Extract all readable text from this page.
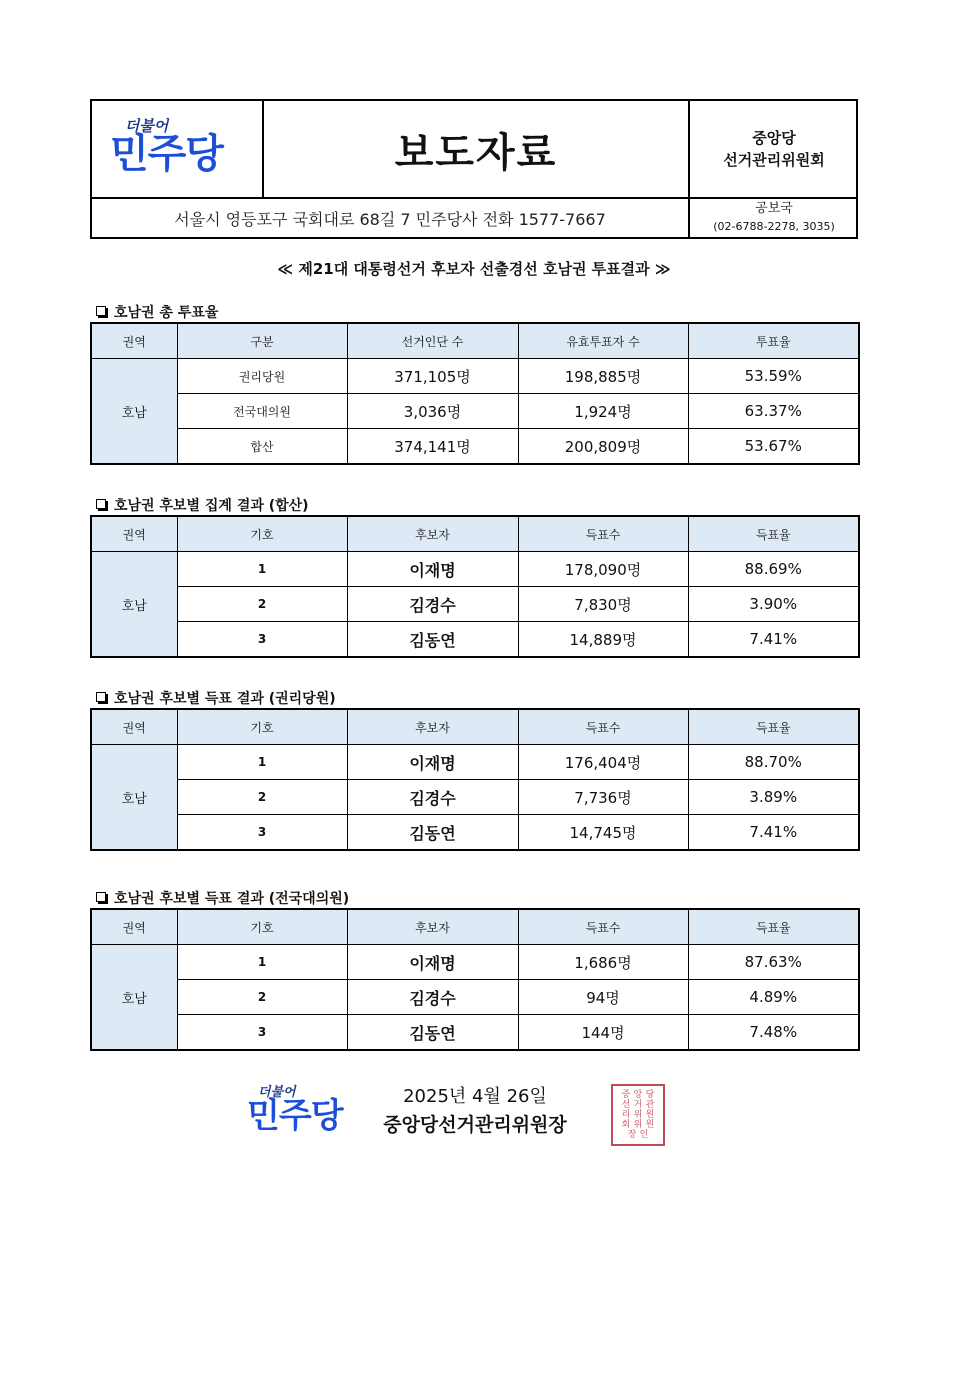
더불어
민주당	보도자료	중앙당
선거관리위원회
서울시 영등포구 국회대로 68길 7 민주당사 전화 1577-7667
공보국
(02-6788-2278, 3035)
≪ 제21대 대통령선거 후보자 선출경선 호남권 투표결과 ≫
호남권 총 투표율
권역	구분	선거인단 수	유효투표자 수	투표율
호남	권리당원	371,105명	198,885명	53.59%
	전국대의원	3,036명	1,924명	63.37%
	합산	374,141명	200,809명	53.67%
호남권 후보별 집계 결과 (합산)
권역	기호	후보자	득표수	득표율
호남	1	이재명	178,090명	88.69%
	2	김경수	7,830명	3.90%
	3	김동연	14,889명	7.41%
호남권 후보별 득표 결과 (권리당원)
권역	기호	후보자	득표수	득표율
호남	1	이재명	176,404명	88.70%
	2	김경수	7,736명	3.89%
	3	김동연	14,745명	7.41%
호남권 후보별 득표 결과 (전국대의원)
권역	기호	후보자	득표수	득표율
호남	1	이재명	1,686명	87.63%
	2	김경수	94명	4.89%
	3	김동연	144명	7.48%
더불어
민주당	2025년 4월 26일
중앙당선거관리위원장
중 앙 당
선 거 관
리 위 원
회 위 원
장 인
